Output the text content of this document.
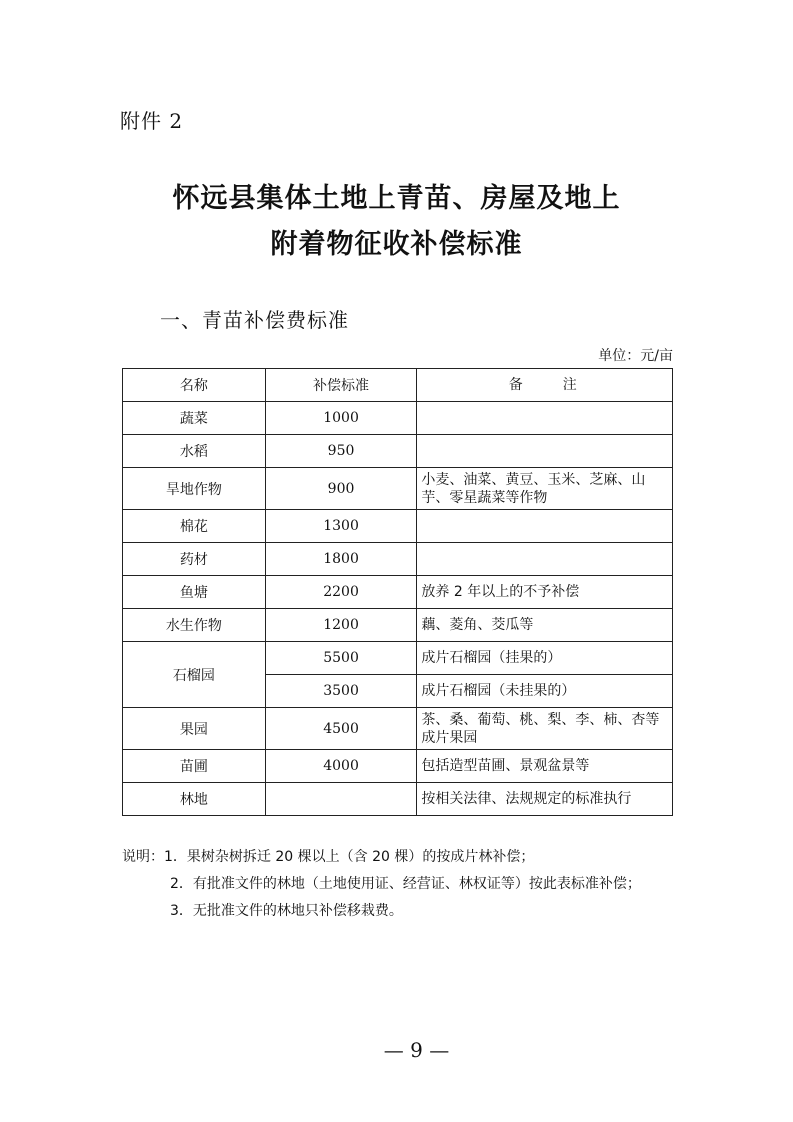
附件 2
怀远县集体土地上青苗、房屋及地上
附着物征收补偿标准
一、青苗补偿费标准
单位：元/亩
名称	补偿标准	备注
蔬菜	1000	
水稻	950	
旱地作物	900	小麦、油菜、黄豆、玉米、芝麻、山芋、零星蔬菜等作物
棉花	1300	
药材	1800	
鱼塘	2200	放养 2 年以上的不予补偿
水生作物	1200	藕、菱角、茭瓜等
石榴园	5500	成片石榴园（挂果的）
	3500	成片石榴园（未挂果的）
果园	4500	茶、桑、葡萄、桃、梨、李、柿、杏等成片果园
苗圃	4000	包括造型苗圃、景观盆景等
林地		按相关法律、法规规定的标准执行
说明：1．果树杂树拆迁 20 棵以上（含 20 棵）的按成片林补偿；
2．有批准文件的林地（土地使用证、经营证、林权证等）按此表标准补偿；
3．无批准文件的林地只补偿移栽费。
— 9 —
